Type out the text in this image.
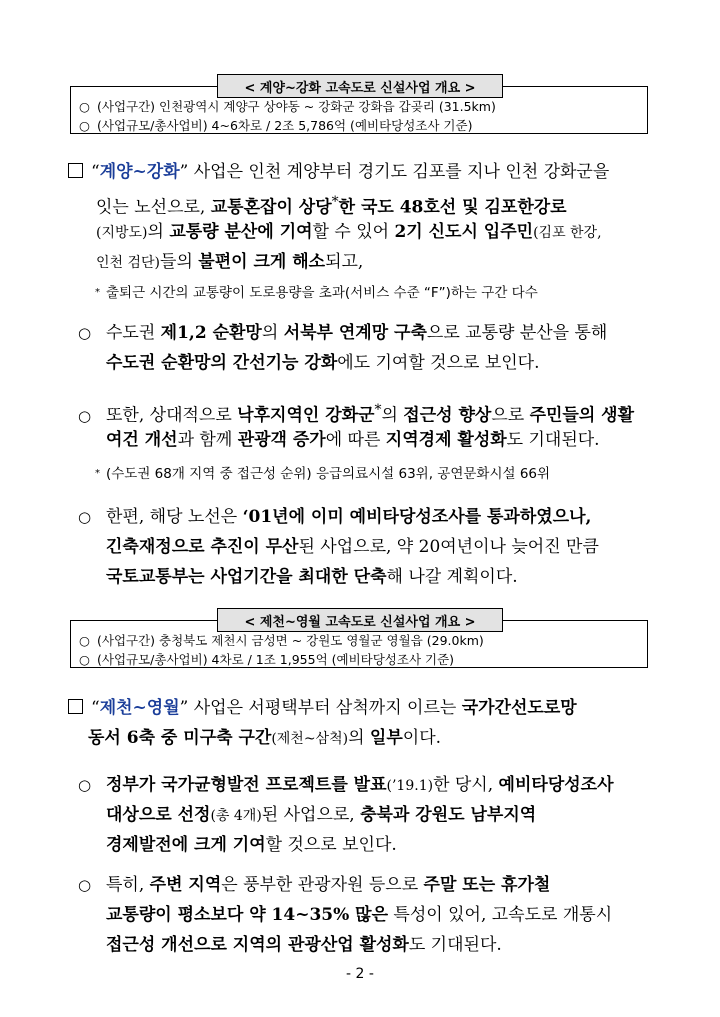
< 계양~강화 고속도로 신설사업 개요 >
○ (사업구간) 인천광역시 계양구 상야동 ~ 강화군 강화읍 갑곶리 (31.5km)
○ (사업규모/총사업비) 4~6차로 / 2조 5,786억 (예비타당성조사 기준)
“계양~강화” 사업은 인천 계양부터 경기도 김포를 지나 인천 강화군을
잇는 노선으로, 교통혼잡이 상당*한 국도 48호선 및 김포한강로
(지방도)의 교통량 분산에 기여할 수 있어 2기 신도시 입주민(김포 한강,
인천 검단)들의 불편이 크게 해소되고,
* 출퇴근 시간의 교통량이 도로용량을 초과(서비스 수준 “F”)하는 구간 다수
○ 수도권 제1,2 순환망의 서북부 연계망 구축으로 교통량 분산을 통해
수도권 순환망의 간선기능 강화에도 기여할 것으로 보인다.
○ 또한, 상대적으로 낙후지역인 강화군*의 접근성 향상으로 주민들의 생활
여건 개선과 함께 관광객 증가에 따른 지역경제 활성화도 기대된다.
* (수도권 68개 지역 중 접근성 순위) 응급의료시설 63위, 공연문화시설 66위
○ 한편, 해당 노선은 ‘01년에 이미 예비타당성조사를 통과하였으나,
긴축재정으로 추진이 무산된 사업으로, 약 20여년이나 늦어진 만큼
국토교통부는 사업기간을 최대한 단축해 나갈 계획이다.
< 제천~영월 고속도로 신설사업 개요 >
○ (사업구간) 충청북도 제천시 금성면 ~ 강원도 영월군 영월읍 (29.0km)
○ (사업규모/총사업비) 4차로 / 1조 1,955억 (예비타당성조사 기준)
“제천~영월” 사업은 서평택부터 삼척까지 이르는 국가간선도로망
동서 6축 중 미구축 구간(제천~삼척)의 일부이다.
○ 정부가 국가균형발전 프로젝트를 발표(’19.1)한 당시, 예비타당성조사
대상으로 선정(총 4개)된 사업으로, 충북과 강원도 남부지역
경제발전에 크게 기여할 것으로 보인다.
○ 특히, 주변 지역은 풍부한 관광자원 등으로 주말 또는 휴가철
교통량이 평소보다 약 14~35% 많은 특성이 있어, 고속도로 개통시
접근성 개선으로 지역의 관광산업 활성화도 기대된다.
- 2 -
